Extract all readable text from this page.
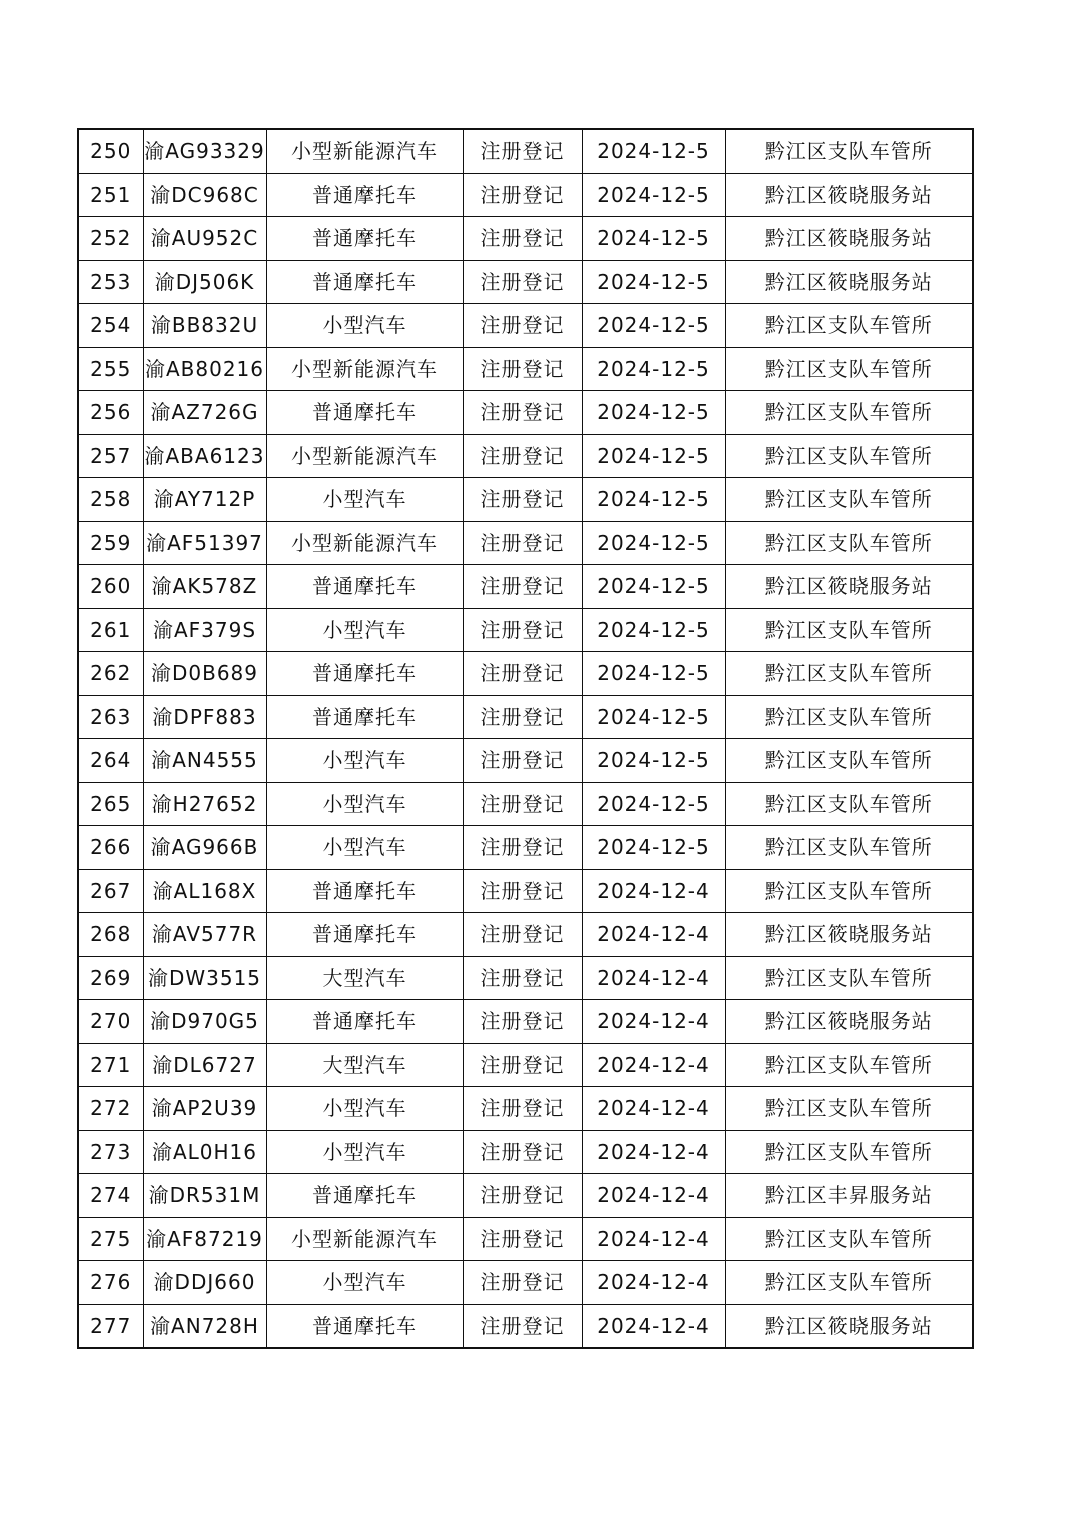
250	渝AG93329	小型新能源汽车	注册登记	2024-12-5	黔江区支队车管所
251	渝DC968C	普通摩托车	注册登记	2024-12-5	黔江区筱晓服务站
252	渝AU952C	普通摩托车	注册登记	2024-12-5	黔江区筱晓服务站
253	渝DJ506K	普通摩托车	注册登记	2024-12-5	黔江区筱晓服务站
254	渝BB832U	小型汽车	注册登记	2024-12-5	黔江区支队车管所
255	渝AB80216	小型新能源汽车	注册登记	2024-12-5	黔江区支队车管所
256	渝AZ726G	普通摩托车	注册登记	2024-12-5	黔江区支队车管所
257	渝ABA6123	小型新能源汽车	注册登记	2024-12-5	黔江区支队车管所
258	渝AY712P	小型汽车	注册登记	2024-12-5	黔江区支队车管所
259	渝AF51397	小型新能源汽车	注册登记	2024-12-5	黔江区支队车管所
260	渝AK578Z	普通摩托车	注册登记	2024-12-5	黔江区筱晓服务站
261	渝AF379S	小型汽车	注册登记	2024-12-5	黔江区支队车管所
262	渝D0B689	普通摩托车	注册登记	2024-12-5	黔江区支队车管所
263	渝DPF883	普通摩托车	注册登记	2024-12-5	黔江区支队车管所
264	渝AN4555	小型汽车	注册登记	2024-12-5	黔江区支队车管所
265	渝H27652	小型汽车	注册登记	2024-12-5	黔江区支队车管所
266	渝AG966B	小型汽车	注册登记	2024-12-5	黔江区支队车管所
267	渝AL168X	普通摩托车	注册登记	2024-12-4	黔江区支队车管所
268	渝AV577R	普通摩托车	注册登记	2024-12-4	黔江区筱晓服务站
269	渝DW3515	大型汽车	注册登记	2024-12-4	黔江区支队车管所
270	渝D970G5	普通摩托车	注册登记	2024-12-4	黔江区筱晓服务站
271	渝DL6727	大型汽车	注册登记	2024-12-4	黔江区支队车管所
272	渝AP2U39	小型汽车	注册登记	2024-12-4	黔江区支队车管所
273	渝AL0H16	小型汽车	注册登记	2024-12-4	黔江区支队车管所
274	渝DR531M	普通摩托车	注册登记	2024-12-4	黔江区丰昇服务站
275	渝AF87219	小型新能源汽车	注册登记	2024-12-4	黔江区支队车管所
276	渝DDJ660	小型汽车	注册登记	2024-12-4	黔江区支队车管所
277	渝AN728H	普通摩托车	注册登记	2024-12-4	黔江区筱晓服务站
